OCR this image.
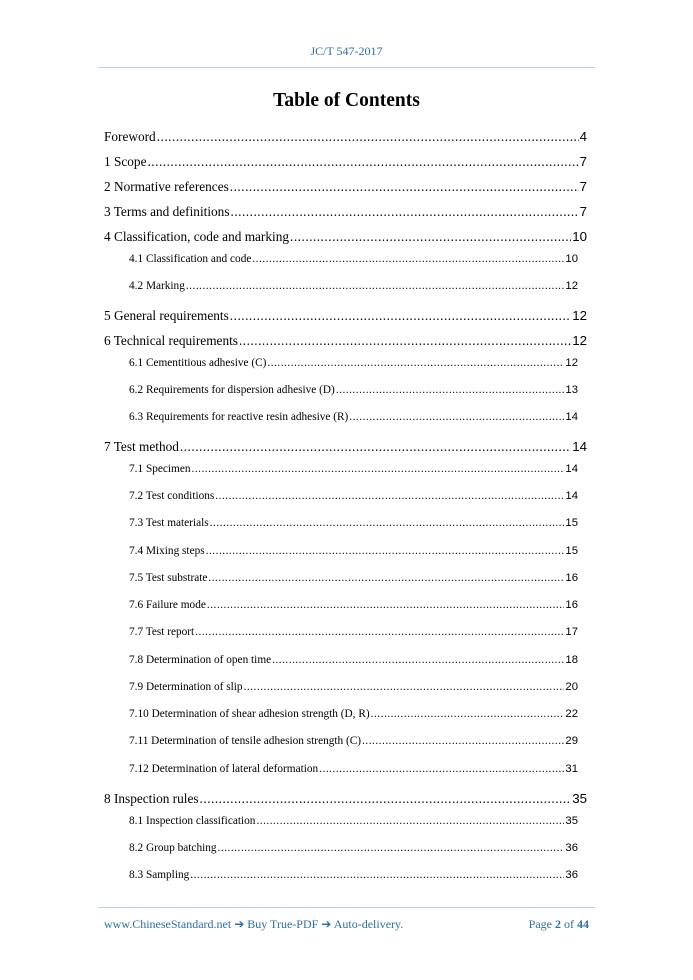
JC/T 547-2017
Table of Contents
Foreword .....	4
1 Scope .....	7
2 Normative references .....	7
3 Terms and definitions .....	7
4 Classification, code and marking .....	10
4.1 Classification and code .....	10
4.2 Marking .....	12
5 General requirements .....	12
6 Technical requirements .....	12
6.1 Cementitious adhesive (C) .....	12
6.2 Requirements for dispersion adhesive (D) .....	13
6.3 Requirements for reactive resin adhesive (R) .....	14
7 Test method .....	14
7.1 Specimen .....	14
7.2 Test conditions .....	14
7.3 Test materials .....	15
7.4 Mixing steps .....	15
7.5 Test substrate .....	16
7.6 Failure mode .....	16
7.7 Test report .....	17
7.8 Determination of open time .....	18
7.9 Determination of slip .....	20
7.10 Determination of shear adhesion strength (D, R) .....	22
7.11 Determination of tensile adhesion strength (C) .....	29
7.12 Determination of lateral deformation .....	31
8 Inspection rules .....	35
8.1 Inspection classification .....	35
8.2 Group batching .....	36
8.3 Sampling .....	36
www.ChineseStandard.net ➔ Buy True-PDF ➔ Auto-delivery.	Page 2 of 44
